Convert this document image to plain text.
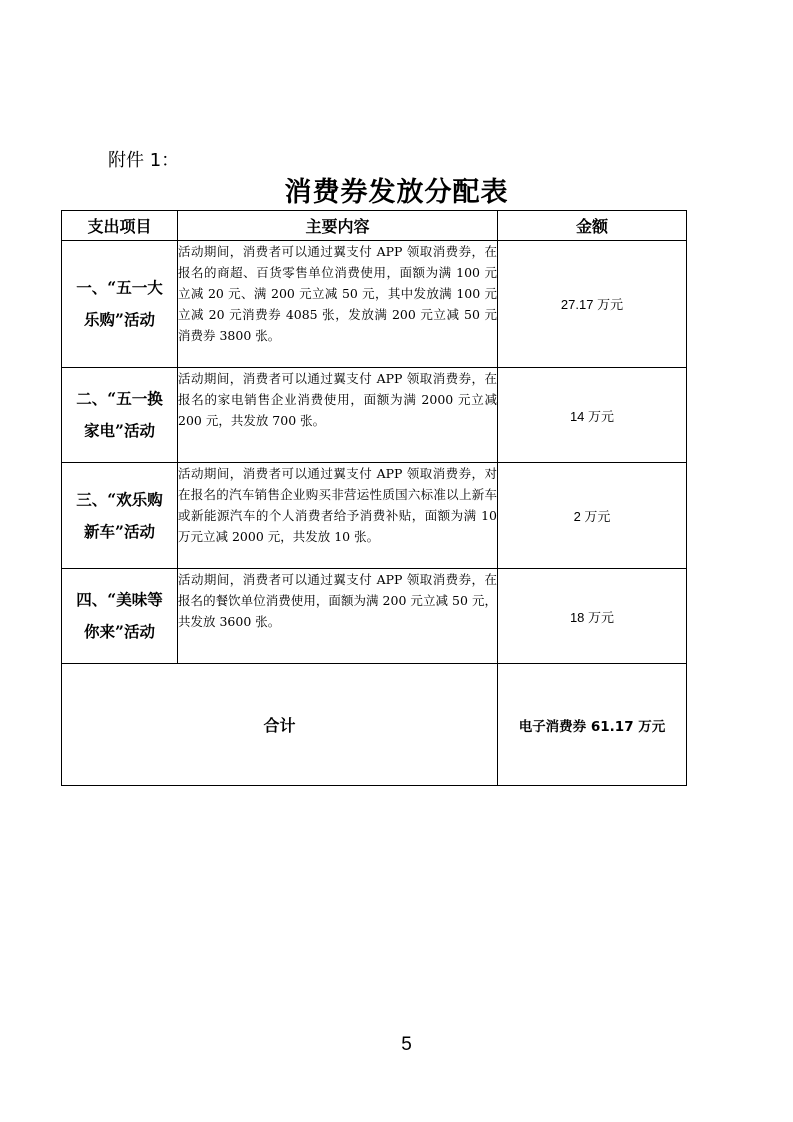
附件 1：
消费券发放分配表
支出项目	主要内容	金额

一、“五一大
乐购”活动	活动期间，消费者可以通过翼支付 APP 领取消费券，在报名的商超、百货零售单位消费使用，面额为满 100 元立减 20 元、满 200 元立减 50 元，其中发放满 100 元立减 20 元消费券 4085 张，发放满 200 元立减 50 元消费券 3800 张。	27.17 万元

二、“五一换
家电”活动	活动期间，消费者可以通过翼支付 APP 领取消费券，在报名的家电销售企业消费使用，面额为满 2000 元立减 200 元，共发放 700 张。	14 万元

三、“欢乐购
新车”活动	活动期间，消费者可以通过翼支付 APP 领取消费券，对在报名的汽车销售企业购买非营运性质国六标准以上新车或新能源汽车的个人消费者给予消费补贴，面额为满 10 万元立减 2000 元，共发放 10 张。	2 万元

四、“美味等
你来”活动	活动期间，消费者可以通过翼支付 APP 领取消费券，在报名的餐饮单位消费使用，面额为满 200 元立减 50 元，共发放 3600 张。	18 万元
合计		电子消费券 61.17 万元
5
